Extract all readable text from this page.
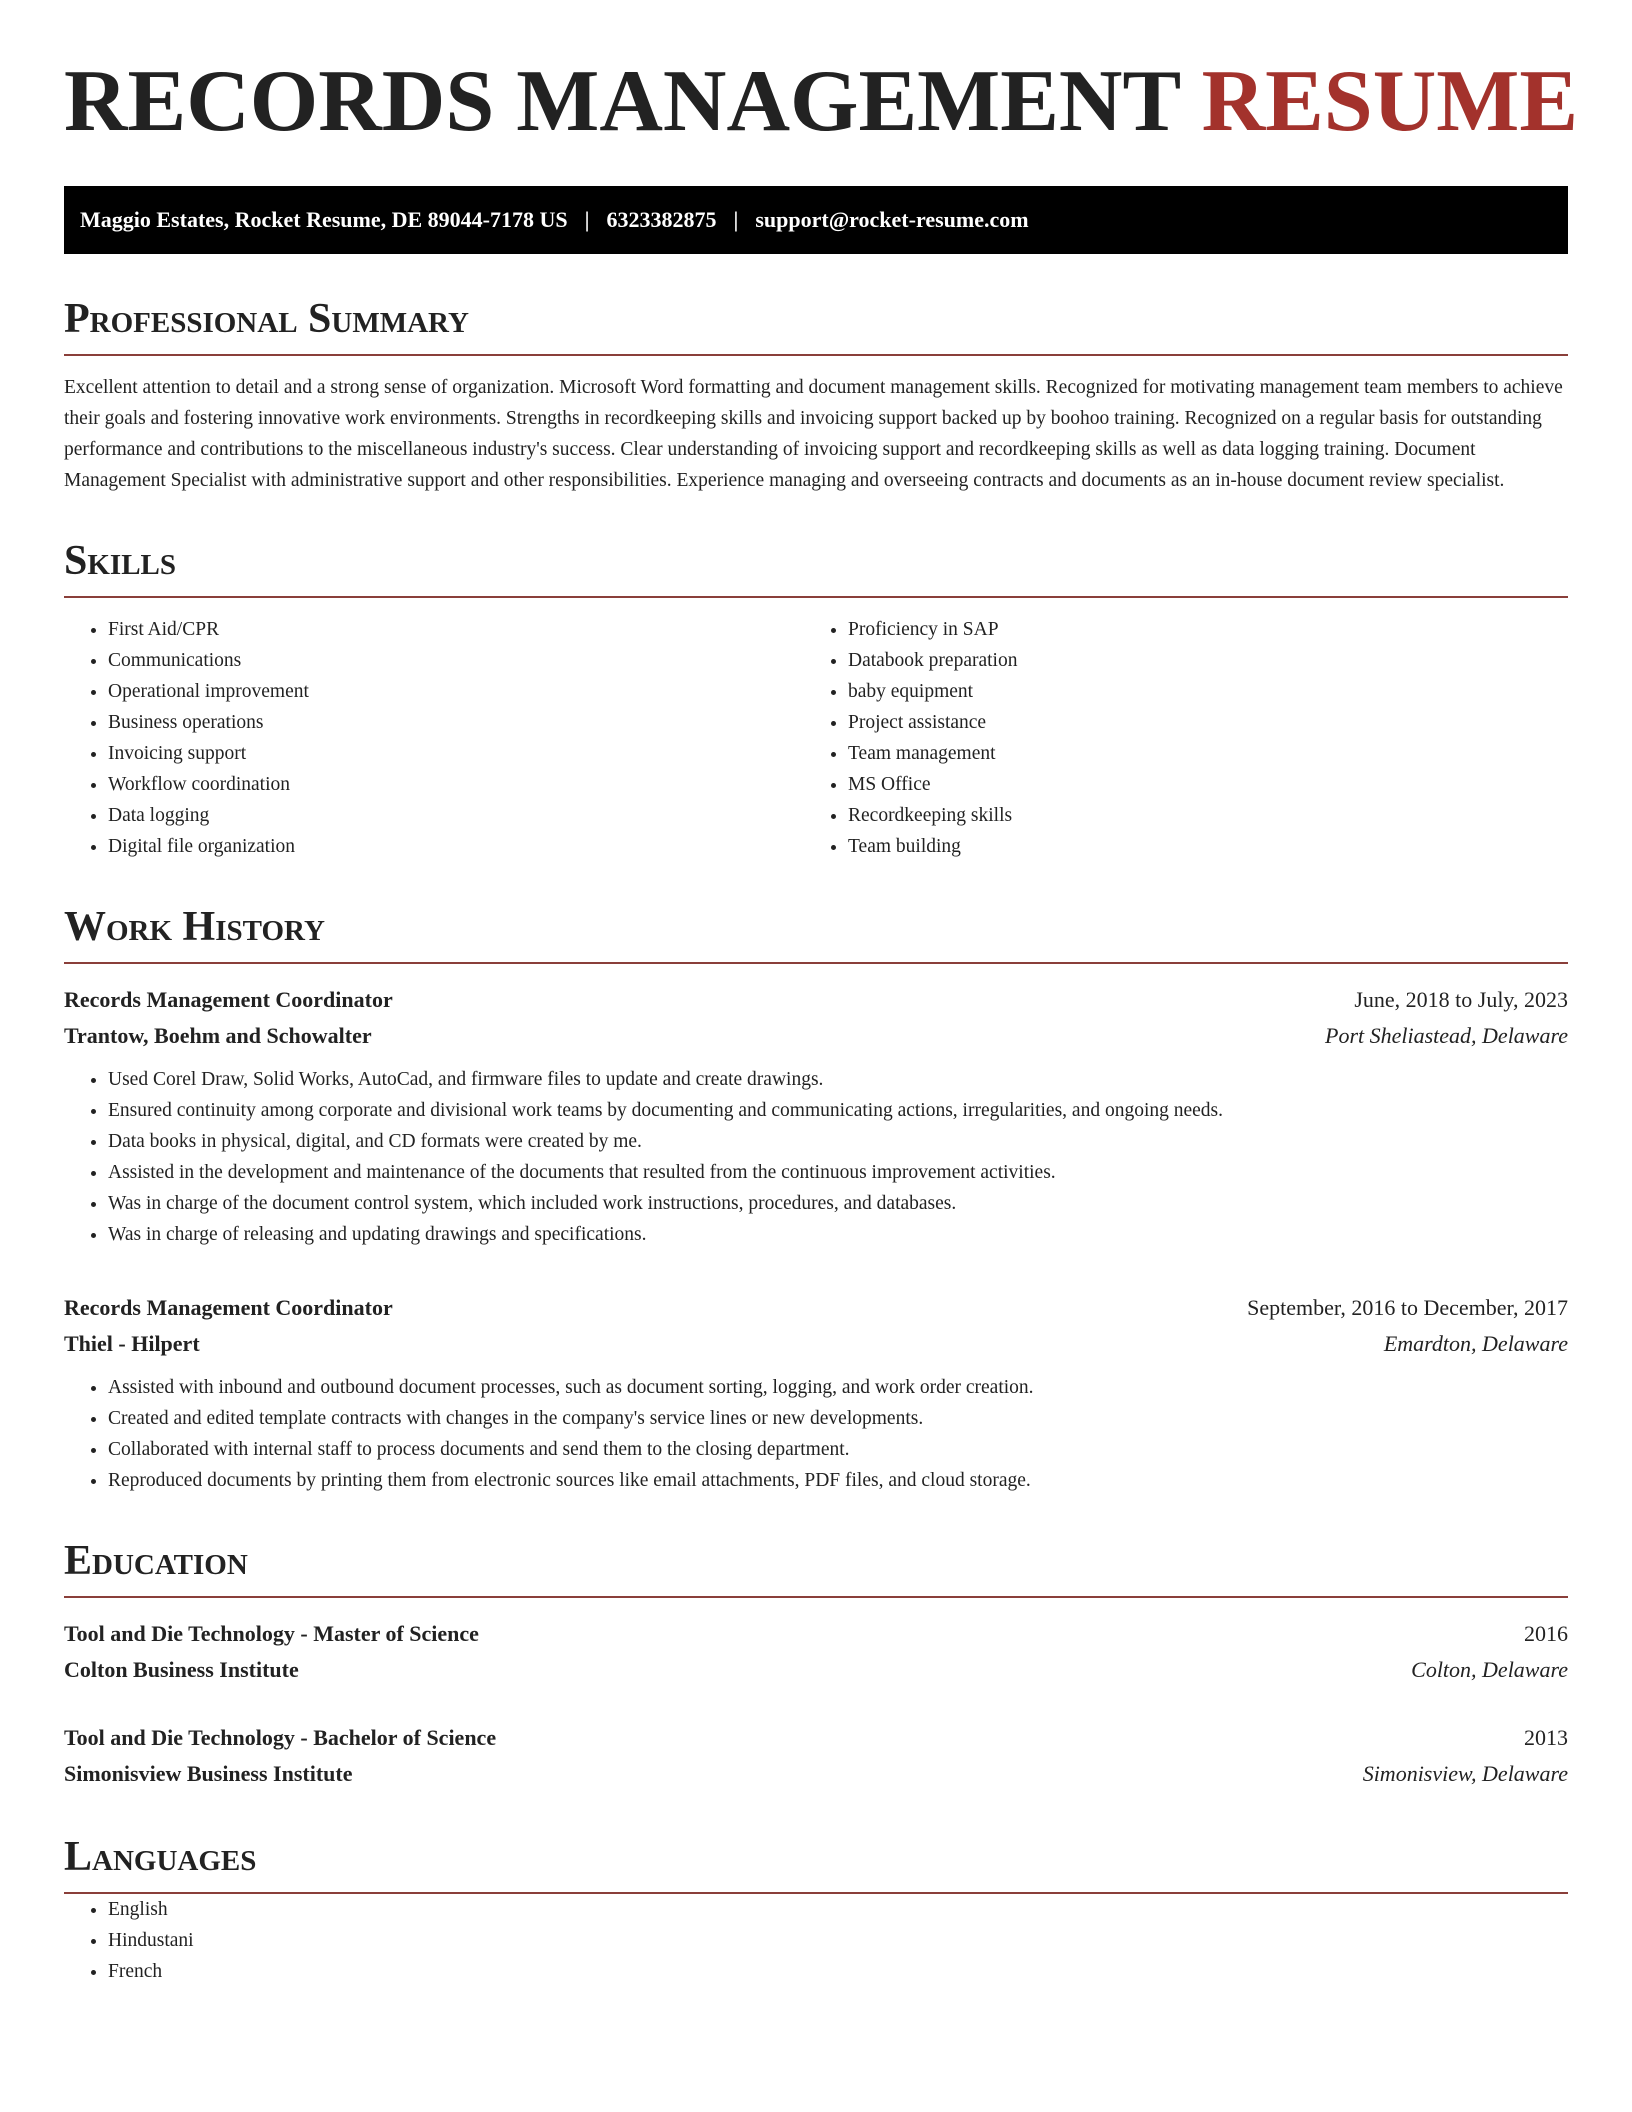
RECORDS MANAGEMENT RESUME
Maggio Estates, Rocket Resume, DE 89044-7178 US | 6323382875 | support@rocket-resume.com
Professional Summary
Excellent attention to detail and a strong sense of organization. Microsoft Word formatting and document management skills. Recognized for motivating management team members to achieve their goals and fostering innovative work environments. Strengths in recordkeeping skills and invoicing support backed up by boohoo training. Recognized on a regular basis for outstanding performance and contributions to the miscellaneous industry's success. Clear understanding of invoicing support and recordkeeping skills as well as data logging training. Document Management Specialist with administrative support and other responsibilities. Experience managing and overseeing contracts and documents as an in-house document review specialist.
Skills
• First Aid/CPR
• Communications
• Operational improvement
• Business operations
• Invoicing support
• Workflow coordination
• Data logging
• Digital file organization
• Proficiency in SAP
• Databook preparation
• baby equipment
• Project assistance
• Team management
• MS Office
• Recordkeeping skills
• Team building
Work History
Records Management Coordinator	June, 2018 to July, 2023
Trantow, Boehm and Schowalter	Port Sheliastead, Delaware
• Used Corel Draw, Solid Works, AutoCad, and firmware files to update and create drawings.
• Ensured continuity among corporate and divisional work teams by documenting and communicating actions, irregularities, and ongoing needs.
• Data books in physical, digital, and CD formats were created by me.
• Assisted in the development and maintenance of the documents that resulted from the continuous improvement activities.
• Was in charge of the document control system, which included work instructions, procedures, and databases.
• Was in charge of releasing and updating drawings and specifications.
Records Management Coordinator	September, 2016 to December, 2017
Thiel - Hilpert	Emardton, Delaware
• Assisted with inbound and outbound document processes, such as document sorting, logging, and work order creation.
• Created and edited template contracts with changes in the company's service lines or new developments.
• Collaborated with internal staff to process documents and send them to the closing department.
• Reproduced documents by printing them from electronic sources like email attachments, PDF files, and cloud storage.
Education
Tool and Die Technology - Master of Science	2016
Colton Business Institute	Colton, Delaware
Tool and Die Technology - Bachelor of Science	2013
Simonisview Business Institute	Simonisview, Delaware
Languages
• English
• Hindustani
• French
